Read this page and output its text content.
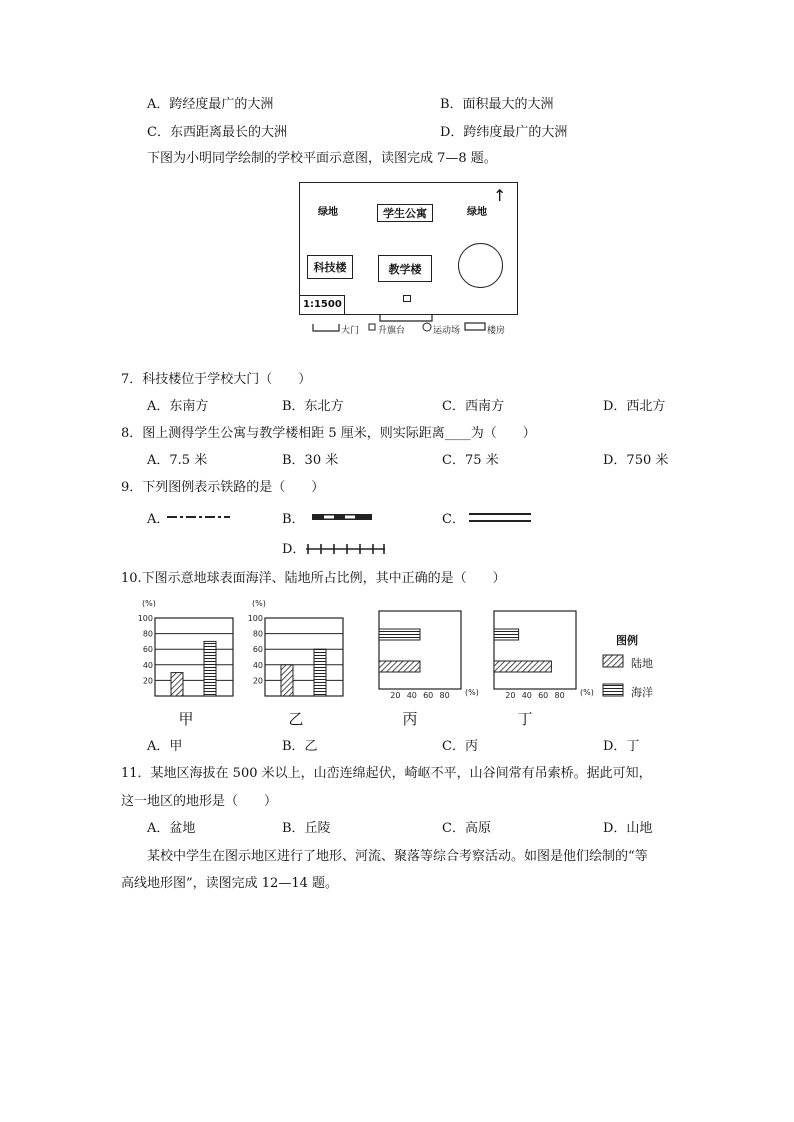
A．跨经度最广的大洲	B．面积最大的大洲
C．东西距离最长的大洲	D．跨纬度最广的大洲
下图为小明同学绘制的学校平面示意图，读图完成 7—8 题。
绿地	绿地
↑
学生公寓
科技楼	教学楼
1:1500
大门 升旗台	运动场	楼房
7．科技楼位于学校大门（　　）
A．东南方	B．东北方	C．西南方	D．西北方
8．图上测得学生公寓与教学楼相距 5 厘米，则实际距离____为（　　）
A．7.5 米	B．30 米	C．75 米	D．750 米
9．下列图例表示铁路的是（　　）
A．	B．	C．
D．
10.下图示意地球表面海洋、陆地所占比例，其中正确的是（　　）
20
40
60
80
100
(%)
甲
20
40
60
80
100
(%)
乙
20 40 60 80 (%)
丙
20 40 60 80 (%)
丁
图例
陆地
海洋
A．甲	B．乙	C．丙	D．丁
11．某地区海拔在 500 米以上，山峦连绵起伏，崎岖不平，山谷间常有吊索桥。据此可知，
这一地区的地形是（　　）
A．盆地	B．丘陵	C．高原	D．山地
某校中学生在图示地区进行了地形、河流、聚落等综合考察活动。如图是他们绘制的“等
高线地形图”，读图完成 12—14 题。
